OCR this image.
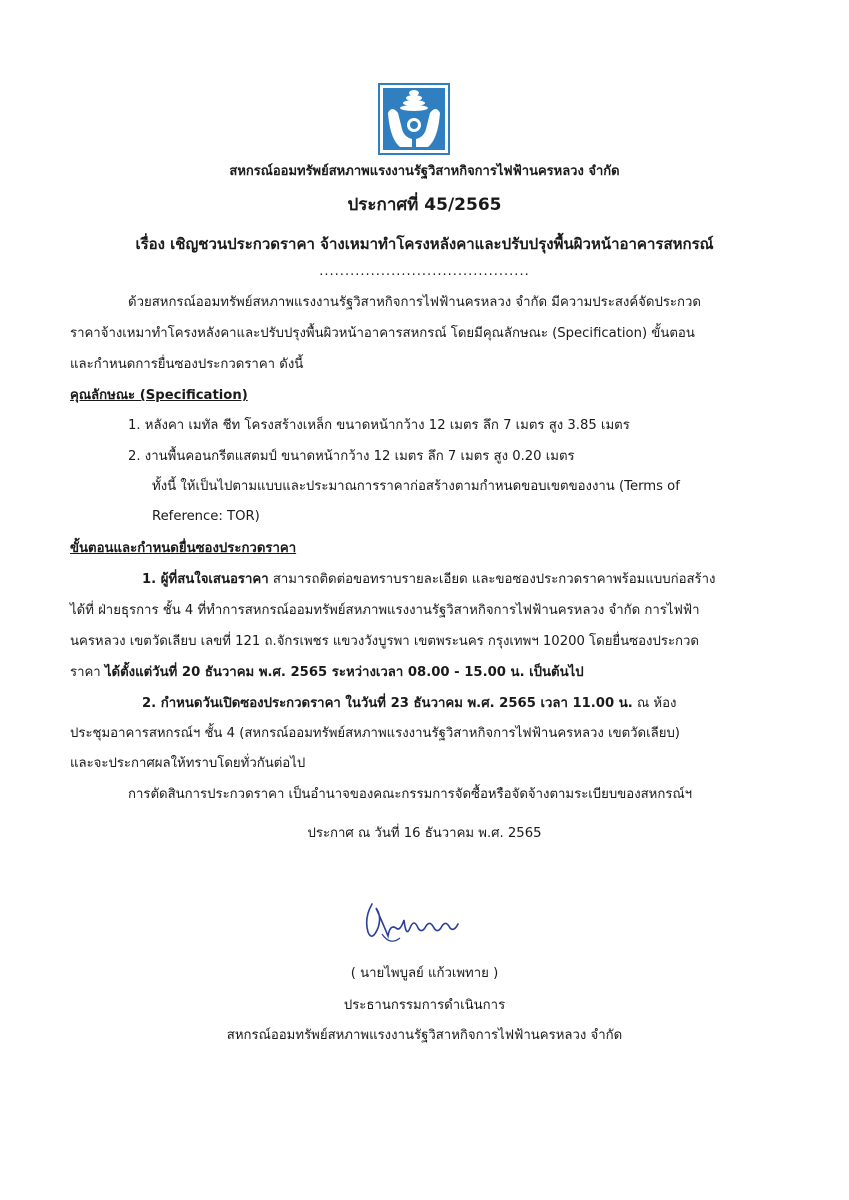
สหกรณ์ออมทรัพย์สหภาพแรงงานรัฐวิสาหกิจการไฟฟ้านครหลวง จำกัด
ประกาศที่ 45/2565
เรื่อง เชิญชวนประกวดราคา จ้างเหมาทำโครงหลังคาและปรับปรุงพื้นผิวหน้าอาคารสหกรณ์
.........................................
ด้วยสหกรณ์ออมทรัพย์สหภาพแรงงานรัฐวิสาหกิจการไฟฟ้านครหลวง จำกัด มีความประสงค์จัดประกวด
ราคาจ้างเหมาทำโครงหลังคาและปรับปรุงพื้นผิวหน้าอาคารสหกรณ์ โดยมีคุณลักษณะ (Specification) ขั้นตอน
และกำหนดการยื่นซองประกวดราคา ดังนี้
คุณลักษณะ (Specification)
1. หลังคา เมทัล ชีท โครงสร้างเหล็ก ขนาดหน้ากว้าง 12 เมตร ลึก 7 เมตร สูง 3.85 เมตร
2. งานพื้นคอนกรีตแสตมป์ ขนาดหน้ากว้าง 12 เมตร ลึก 7 เมตร สูง 0.20 เมตร
ทั้งนี้ ให้เป็นไปตามแบบและประมาณการราคาก่อสร้างตามกำหนดขอบเขตของงาน (Terms of
Reference: TOR)
ขั้นตอนและกำหนดยื่นซองประกวดราคา
1. ผู้ที่สนใจเสนอราคา สามารถติดต่อขอทราบรายละเอียด และขอซองประกวดราคาพร้อมแบบก่อสร้าง
ได้ที่ ฝ่ายธุรการ ชั้น 4 ที่ทำการสหกรณ์ออมทรัพย์สหภาพแรงงานรัฐวิสาหกิจการไฟฟ้านครหลวง จำกัด การไฟฟ้า
นครหลวง เขตวัดเลียบ เลขที่ 121 ถ.จักรเพชร แขวงวังบูรพา เขตพระนคร กรุงเทพฯ 10200 โดยยื่นซองประกวด
ราคา ได้ตั้งแต่วันที่ 20 ธันวาคม พ.ศ. 2565 ระหว่างเวลา 08.00 - 15.00 น. เป็นต้นไป
2. กำหนดวันเปิดซองประกวดราคา ในวันที่ 23 ธันวาคม พ.ศ. 2565 เวลา 11.00 น. ณ ห้อง
ประชุมอาคารสหกรณ์ฯ ชั้น 4 (สหกรณ์ออมทรัพย์สหภาพแรงงานรัฐวิสาหกิจการไฟฟ้านครหลวง เขตวัดเลียบ)
และจะประกาศผลให้ทราบโดยทั่วกันต่อไป
การตัดสินการประกวดราคา เป็นอำนาจของคณะกรรมการจัดซื้อหรือจัดจ้างตามระเบียบของสหกรณ์ฯ
ประกาศ ณ วันที่ 16 ธันวาคม พ.ศ. 2565
( นายไพบูลย์ แก้วเพทาย )
ประธานกรรมการดำเนินการ
สหกรณ์ออมทรัพย์สหภาพแรงงานรัฐวิสาหกิจการไฟฟ้านครหลวง จำกัด
